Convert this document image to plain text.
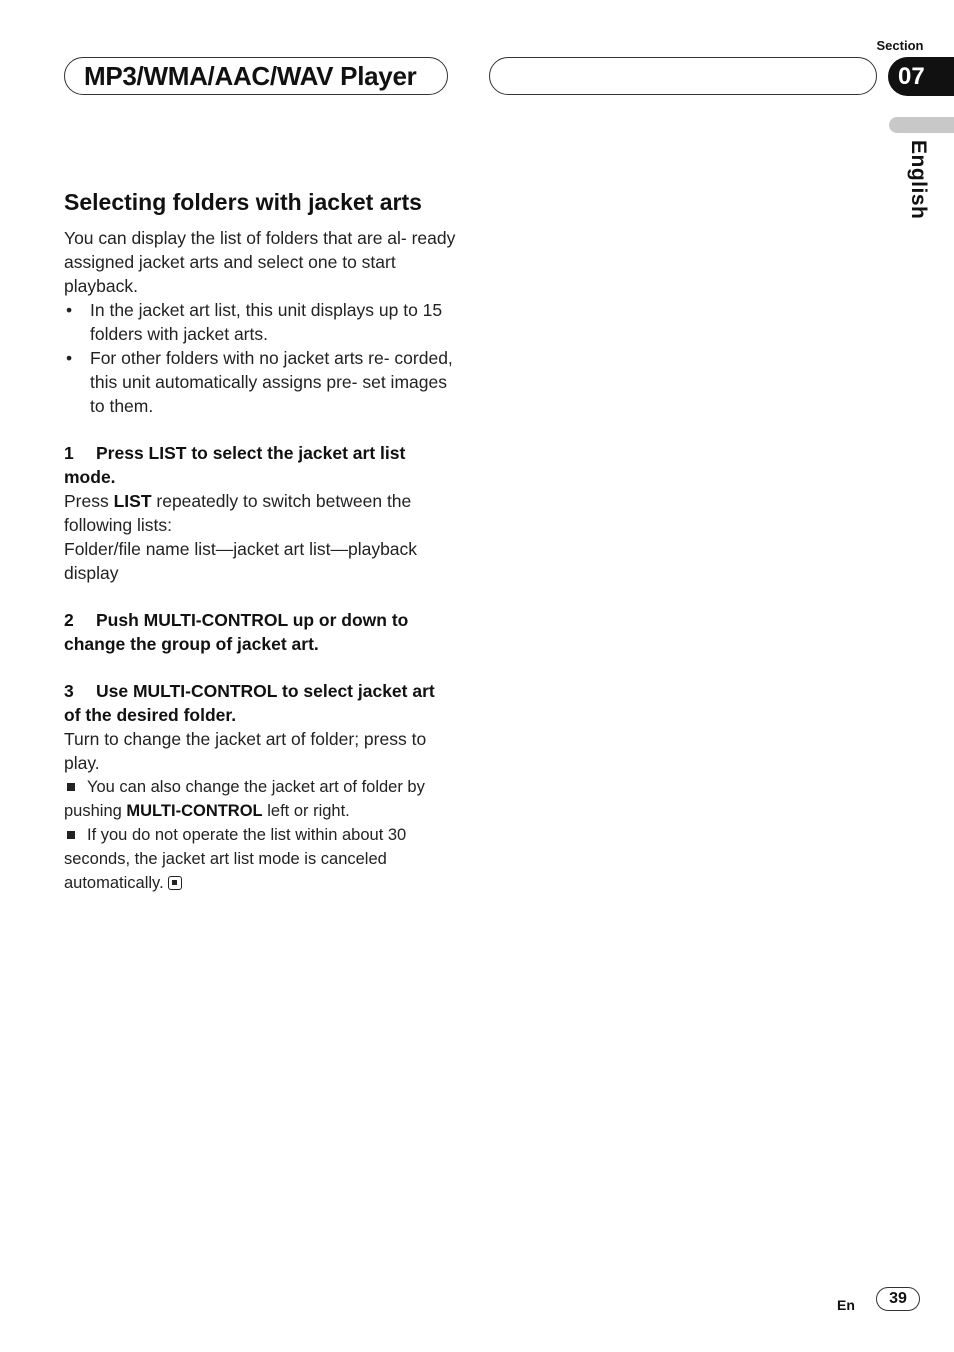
MP3/WMA/AAC/WAV Player
Section
07
English
Selecting folders with jacket arts

You can display the list of folders that are al- ready assigned jacket arts and select one to start playback.

• In the jacket art list, this unit displays up to 15 folders with jacket arts.
• For other folders with no jacket arts re- corded, this unit automatically assigns pre- set images to them.
1 Press LIST to select the jacket art list mode.

Press LIST repeatedly to switch between the following lists:

Folder/file name list—jacket art list—playback display

2 Push MULTI-CONTROL up or down to change the group of jacket art.
3 Use MULTI-CONTROL to select jacket art of the desired folder.

Turn to change the jacket art of folder; press to play.

You can also change the jacket art of folder by pushing MULTI-CONTROL left or right.
If you do not operate the list within about 30 seconds, the jacket art list mode is canceled automatically.
En	39
